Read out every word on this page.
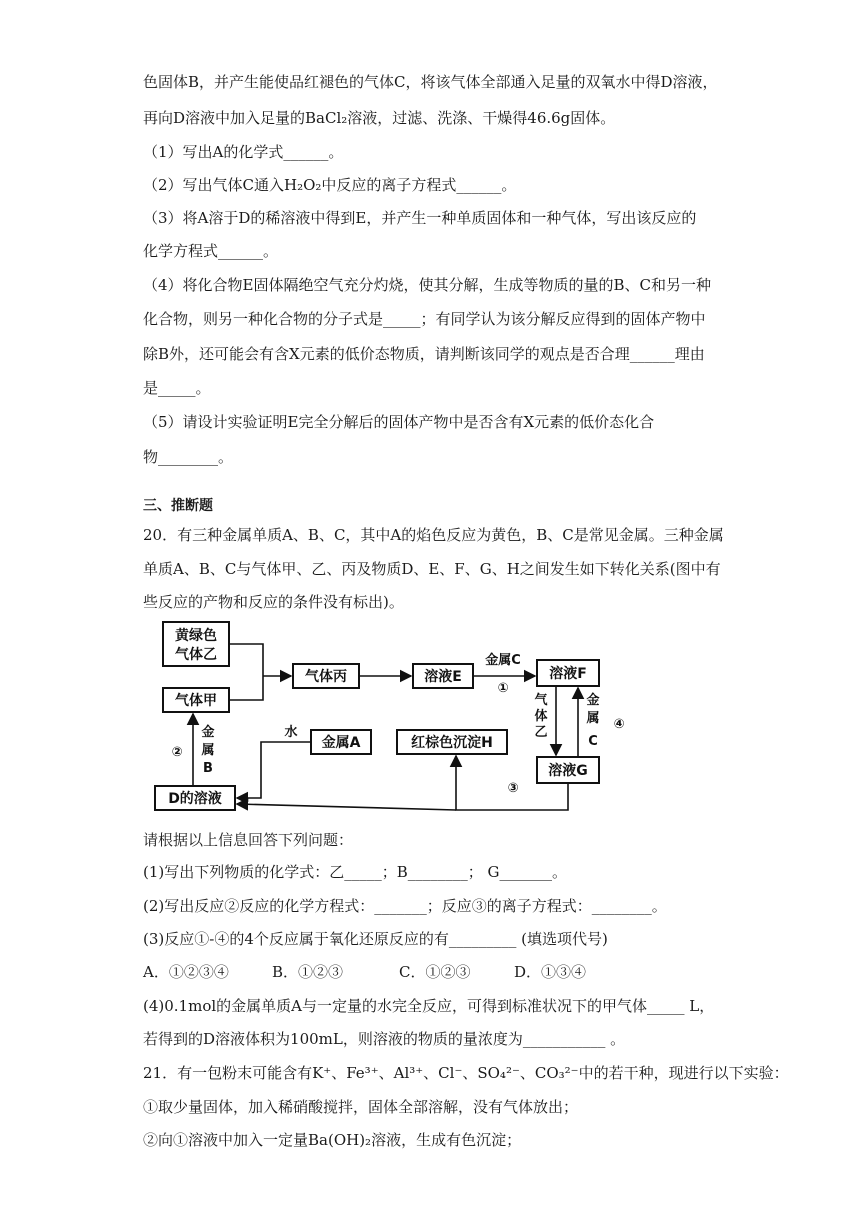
色固体B，并产生能使品红褪色的气体C，将该气体全部通入足量的双氧水中得D溶液，
再向D溶液中加入足量的BaCl₂溶液，过滤、洗涤、干燥得46.6g固体。
（1）写出A的化学式______。
（2）写出气体C通入H₂O₂中反应的离子方程式______。
（3）将A溶于D的稀溶液中得到E，并产生一种单质固体和一种气体，写出该反应的
化学方程式______。
（4）将化合物E固体隔绝空气充分灼烧，使其分解，生成等物质的量的B、C和另一种
化合物，则另一种化合物的分子式是_____；有同学认为该分解反应得到的固体产物中
除B外，还可能会有含X元素的低价态物质，请判断该同学的观点是否合理______理由
是_____。
（5）请设计实验证明E完全分解后的固体产物中是否含有X元素的低价态化合
物________。
三、推断题
20．有三种金属单质A、B、C，其中A的焰色反应为黄色，B、C是常见金属。三种金属
单质A、B、C与气体甲、乙、丙及物质D、E、F、G、H之间发生如下转化关系(图中有
些反应的产物和反应的条件没有标出)。
黄绿色
气体乙
气体甲
气体丙	溶液E	溶液F
溶液G
金属A	红棕色沉淀H
D的溶液
金属C
①
气
体
乙
金
属
C
④
②
金
属
B
水
③
请根据以上信息回答下列问题：
(1)写出下列物质的化学式：乙_____；B________； G_______。
(2)写出反应②反应的化学方程式：_______；反应③的离子方程式：________。
(3)反应①-④的4个反应属于氧化还原反应的有_________ (填选项代号)
A．①②③④	B．①②③	C．①②③	D．①③④
(4)0.1mol的金属单质A与一定量的水完全反应，可得到标准状况下的甲气体_____ L，
若得到的D溶液体积为100mL，则溶液的物质的量浓度为___________ 。
21．有一包粉末可能含有K⁺、Fe³⁺、Al³⁺、Cl⁻、SO₄²⁻、CO₃²⁻中的若干种，现进行以下实验：
①取少量固体，加入稀硝酸搅拌，固体全部溶解，没有气体放出；
②向①溶液中加入一定量Ba(OH)₂溶液，生成有色沉淀；
